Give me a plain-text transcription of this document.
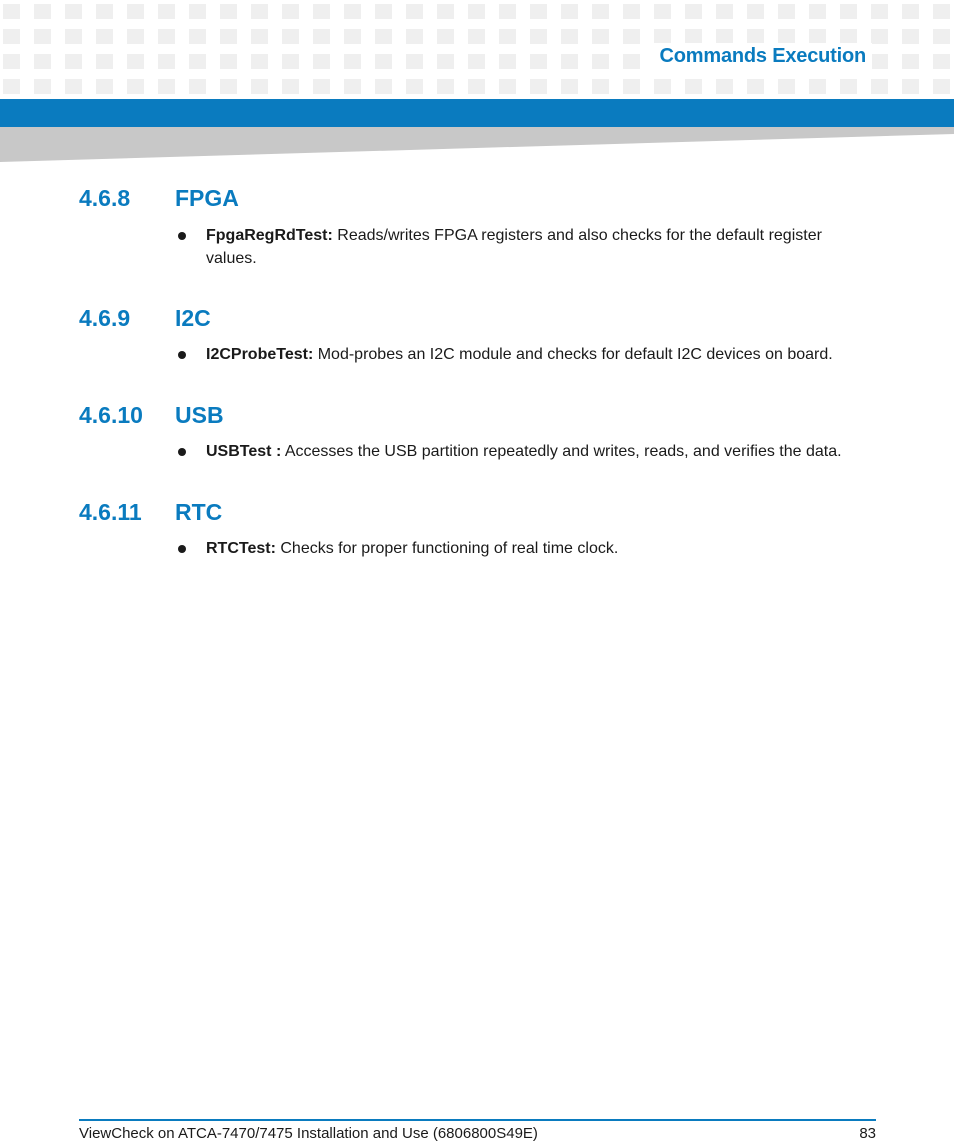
Commands Execution
4.6.8 FPGA
FpgaRegRdTest: Reads/writes FPGA registers and also checks for the default register values.
4.6.9 I2C
I2CProbeTest: Mod-probes an I2C module and checks for default I2C devices on board.
4.6.10 USB
USBTest : Accesses the USB partition repeatedly and writes, reads, and verifies the data.
4.6.11 RTC
RTCTest: Checks for proper functioning of real time clock.
ViewCheck on ATCA-7470/7475 Installation and Use (6806800S49E)	83
